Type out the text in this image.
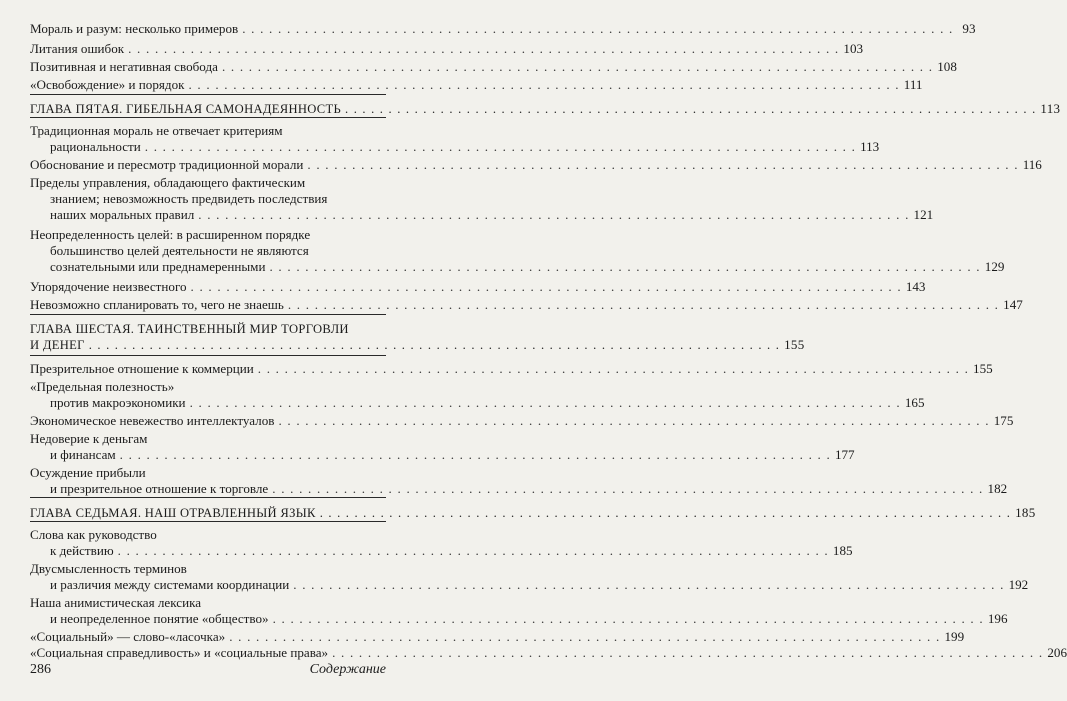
Мораль и разум: несколько примеров . . . . . . . . . . . . . . . . . . . . . . . . . . . . . . . . . . . . . . . . . . . . . . . . . . . . . . . . . . . . . . . . . . . . . . . . . . . . . . . . 93
Литания ошибок . . . . . . . . . . . . . . . . . . . . . . . . . . . . . . . . . . . . . . . . . . . . . . . . . . . . . . . . . . . . . . . . . . . . . . . . . . . . . . . . 103
Позитивная и негативная свобода . . . . . . . . . . . . . . . . . . . . . . . . . . . . . . . . . . . . . . . . . . . . . . . . . . . . . . . . . . . . . . . . . . . . . . . . . . . . . . . . 108
«Освобождение» и порядок . . . . . . . . . . . . . . . . . . . . . . . . . . . . . . . . . . . . . . . . . . . . . . . . . . . . . . . . . . . . . . . . . . . . . . . . . . . . . . . . 111
ГЛАВА ПЯТАЯ. ГИБЕЛЬНАЯ САМОНАДЕЯННОСТЬ . . . . . . . . . . . . . . . . . . . . . . . . . . . . . . . . . . . . . . . . . . . . . . . . . . . . . . . . . . . . . . . . . . . . . . . . . . . . . . . . 113
Традиционная мораль не отвечает критериям
рациональности . . . . . . . . . . . . . . . . . . . . . . . . . . . . . . . . . . . . . . . . . . . . . . . . . . . . . . . . . . . . . . . . . . . . . . . . . . . . . . . . 113
Обоснование и пересмотр традиционной морали . . . . . . . . . . . . . . . . . . . . . . . . . . . . . . . . . . . . . . . . . . . . . . . . . . . . . . . . . . . . . . . . . . . . . . . . . . . . . . . . 116
Пределы управления, обладающего фактическим
знанием; невозможность предвидеть последствия
наших моральных правил . . . . . . . . . . . . . . . . . . . . . . . . . . . . . . . . . . . . . . . . . . . . . . . . . . . . . . . . . . . . . . . . . . . . . . . . . . . . . . . . 121
Неопределенность целей: в расширенном порядке
большинство целей деятельности не являются
сознательными или преднамеренными . . . . . . . . . . . . . . . . . . . . . . . . . . . . . . . . . . . . . . . . . . . . . . . . . . . . . . . . . . . . . . . . . . . . . . . . . . . . . . . . 129
Упорядочение неизвестного . . . . . . . . . . . . . . . . . . . . . . . . . . . . . . . . . . . . . . . . . . . . . . . . . . . . . . . . . . . . . . . . . . . . . . . . . . . . . . . . 143
Невозможно спланировать то, чего не знаешь . . . . . . . . . . . . . . . . . . . . . . . . . . . . . . . . . . . . . . . . . . . . . . . . . . . . . . . . . . . . . . . . . . . . . . . . . . . . . . . . 147
ГЛАВА ШЕСТАЯ. ТАИНСТВЕННЫЙ МИР ТОРГОВЛИ
И ДЕНЕГ . . . . . . . . . . . . . . . . . . . . . . . . . . . . . . . . . . . . . . . . . . . . . . . . . . . . . . . . . . . . . . . . . . . . . . . . . . . . . . . . 155
Презрительное отношение к коммерции . . . . . . . . . . . . . . . . . . . . . . . . . . . . . . . . . . . . . . . . . . . . . . . . . . . . . . . . . . . . . . . . . . . . . . . . . . . . . . . . 155
«Предельная полезность»
против макроэкономики . . . . . . . . . . . . . . . . . . . . . . . . . . . . . . . . . . . . . . . . . . . . . . . . . . . . . . . . . . . . . . . . . . . . . . . . . . . . . . . . 165
Экономическое невежество интеллектуалов . . . . . . . . . . . . . . . . . . . . . . . . . . . . . . . . . . . . . . . . . . . . . . . . . . . . . . . . . . . . . . . . . . . . . . . . . . . . . . . . 175
Недоверие к деньгам
и финансам . . . . . . . . . . . . . . . . . . . . . . . . . . . . . . . . . . . . . . . . . . . . . . . . . . . . . . . . . . . . . . . . . . . . . . . . . . . . . . . . 177
Осуждение прибыли
и презрительное отношение к торговле . . . . . . . . . . . . . . . . . . . . . . . . . . . . . . . . . . . . . . . . . . . . . . . . . . . . . . . . . . . . . . . . . . . . . . . . . . . . . . . . 182
ГЛАВА СЕДЬМАЯ. НАШ ОТРАВЛЕННЫЙ ЯЗЫК . . . . . . . . . . . . . . . . . . . . . . . . . . . . . . . . . . . . . . . . . . . . . . . . . . . . . . . . . . . . . . . . . . . . . . . . . . . . . . . . 185
Слова как руководство
к действию . . . . . . . . . . . . . . . . . . . . . . . . . . . . . . . . . . . . . . . . . . . . . . . . . . . . . . . . . . . . . . . . . . . . . . . . . . . . . . . . 185
Двусмысленность терминов
и различия между системами координации . . . . . . . . . . . . . . . . . . . . . . . . . . . . . . . . . . . . . . . . . . . . . . . . . . . . . . . . . . . . . . . . . . . . . . . . . . . . . . . . 192
Наша анимистическая лексика
и неопределенное понятие «общество» . . . . . . . . . . . . . . . . . . . . . . . . . . . . . . . . . . . . . . . . . . . . . . . . . . . . . . . . . . . . . . . . . . . . . . . . . . . . . . . . 196
«Социальный» — слово-«ласочка» . . . . . . . . . . . . . . . . . . . . . . . . . . . . . . . . . . . . . . . . . . . . . . . . . . . . . . . . . . . . . . . . . . . . . . . . . . . . . . . . 199
«Социальная справедливость» и «социальные права» . . . . . . . . . . . . . . . . . . . . . . . . . . . . . . . . . . . . . . . . . . . . . . . . . . . . . . . . . . . . . . . . . . . . . . . . . . . . . . . . 206
286	Содержание
